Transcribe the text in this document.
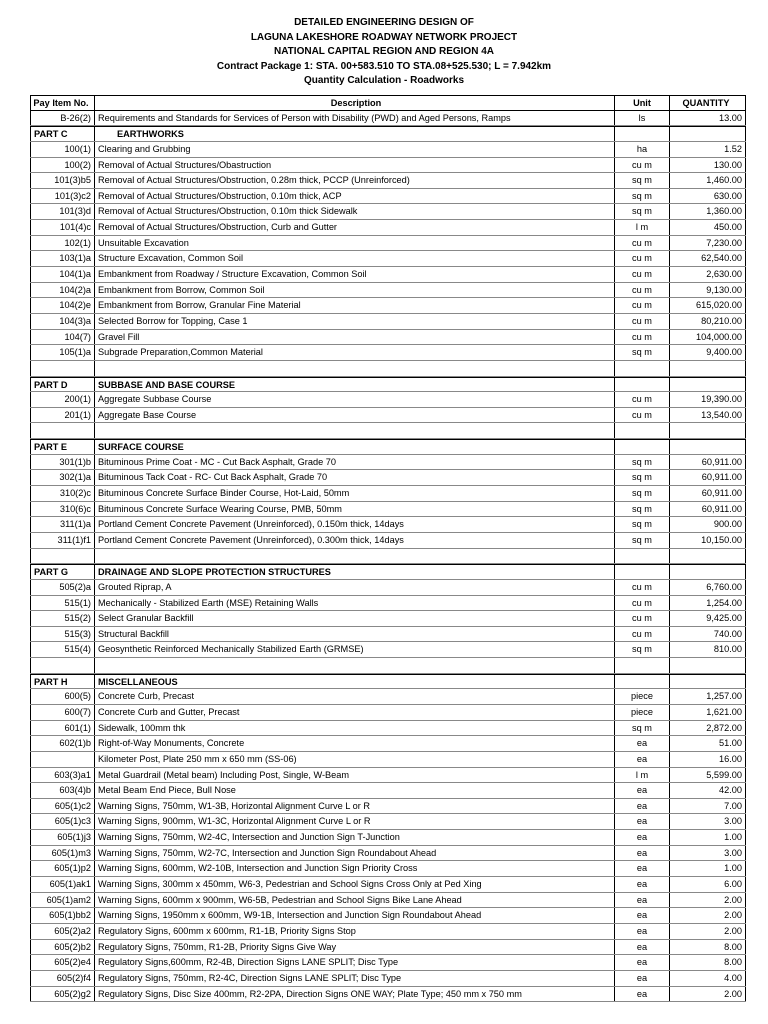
DETAILED ENGINEERING DESIGN OF
LAGUNA LAKESHORE ROADWAY NETWORK PROJECT
NATIONAL CAPITAL REGION AND REGION 4A
Contract Package 1: STA. 00+583.510 TO STA.08+525.530; L = 7.942km
Quantity Calculation - Roadworks
Pay Item No.	Description	Unit	QUANTITY
B-26(2) Requirements and Standards for Services of Person with Disability (PWD) and Aged Persons, Ramps	ls	13.00
PART C	EARTHWORKS
100(1) Clearing and Grubbing	ha	1.52
100(2) Removal of Actual Structures/Obastruction	cu m	130.00
101(3)b5 Removal of Actual Structures/Obstruction, 0.28m thick, PCCP (Unreinforced)	sq m	1,460.00
101(3)c2 Removal of Actual Structures/Obstruction, 0.10m thick, ACP	sq m	630.00
101(3)d Removal of Actual Structures/Obstruction, 0.10m thick Sidewalk	sq m	1,360.00
101(4)c Removal of Actual Structures/Obstruction, Curb and Gutter	l m	450.00
102(1) Unsuitable Excavation	cu m	7,230.00
103(1)a Structure Excavation, Common Soil	cu m	62,540.00
104(1)a Embankment from Roadway / Structure Excavation, Common Soil	cu m	2,630.00
104(2)a Embankment from Borrow, Common Soil	cu m	9,130.00
104(2)e Embankment from Borrow, Granular Fine Material	cu m	615,020.00
104(3)a Selected Borrow for Topping, Case 1	cu m	80,210.00
104(7) Gravel Fill	cu m	104,000.00
105(1)a Subgrade Preparation,Common Material	sq m	9,400.00
PART D	SUBBASE AND BASE COURSE
200(1) Aggregate Subbase Course	cu m	19,390.00
201(1) Aggregate Base Course	cu m	13,540.00
PART E	SURFACE COURSE
301(1)b Bituminous Prime Coat - MC - Cut Back Asphalt, Grade 70	sq m	60,911.00
302(1)a Bituminous Tack Coat - RC- Cut Back Asphalt, Grade 70	sq m	60,911.00
310(2)c Bituminous Concrete Surface Binder Course, Hot-Laid, 50mm	sq m	60,911.00
310(6)c Bituminous Concrete Surface Wearing Course, PMB, 50mm	sq m	60,911.00
311(1)a Portland Cement Concrete Pavement (Unreinforced), 0.150m thick, 14days	sq m	900.00
311(1)f1 Portland Cement Concrete Pavement (Unreinforced), 0.300m thick, 14days	sq m	10,150.00
PART G	DRAINAGE AND SLOPE PROTECTION STRUCTURES
505(2)a Grouted Riprap, A	cu m	6,760.00
515(1) Mechanically - Stabilized Earth (MSE) Retaining Walls	cu m	1,254.00
515(2) Select Granular Backfill	cu m	9,425.00
515(3) Structural Backfill	cu m	740.00
515(4) Geosynthetic Reinforced Mechanically Stabilized Earth (GRMSE)	sq m	810.00
PART H	MISCELLANEOUS
600(5) Concrete Curb, Precast	piece	1,257.00
600(7) Concrete Curb and Gutter, Precast	piece	1,621.00
601(1) Sidewalk, 100mm thk	sq m	2,872.00
602(1)b Right-of-Way Monuments, Concrete	ea	51.00
Kilometer Post, Plate 250 mm x 650 mm (SS-06)	ea	16.00
603(3)a1 Metal Guardrail (Metal beam) Including Post, Single, W-Beam	l m	5,599.00
603(4)b Metal Beam End Piece, Bull Nose	ea	42.00
605(1)c2 Warning Signs, 750mm, W1-3B, Horizontal Alignment Curve L or R	ea	7.00
605(1)c3 Warning Signs, 900mm, W1-3C, Horizontal Alignment Curve L or R	ea	3.00
605(1)j3 Warning Signs, 750mm, W2-4C, Intersection and Junction Sign T-Junction	ea	1.00
605(1)m3 Warning Signs, 750mm, W2-7C, Intersection and Junction Sign Roundabout Ahead	ea	3.00
605(1)p2 Warning Signs, 600mm, W2-10B, Intersection and Junction Sign Priority Cross	ea	1.00
605(1)ak1 Warning Signs, 300mm x 450mm, W6-3, Pedestrian and School Signs Cross Only at Ped Xing	ea	6.00
605(1)am2 Warning Signs, 600mm x 900mm, W6-5B, Pedestrian and School Signs Bike Lane Ahead	ea	2.00
605(1)bb2 Warning Signs, 1950mm x 600mm, W9-1B, Intersection and Junction Sign Roundabout Ahead	ea	2.00
605(2)a2 Regulatory Signs, 600mm x 600mm, R1-1B, Priority Signs Stop	ea	2.00
605(2)b2 Regulatory Signs, 750mm, R1-2B, Priority Signs Give Way	ea	8.00
605(2)e4 Regulatory Signs,600mm, R2-4B, Direction Signs LANE SPLIT; Disc Type	ea	8.00
605(2)f4 Regulatory Signs, 750mm, R2-4C, Direction Signs LANE SPLIT; Disc Type	ea	4.00
605(2)g2 Regulatory Signs, Disc Size 400mm, R2-2PA, Direction Signs ONE WAY; Plate Type; 450 mm x 750 mm	ea	2.00
